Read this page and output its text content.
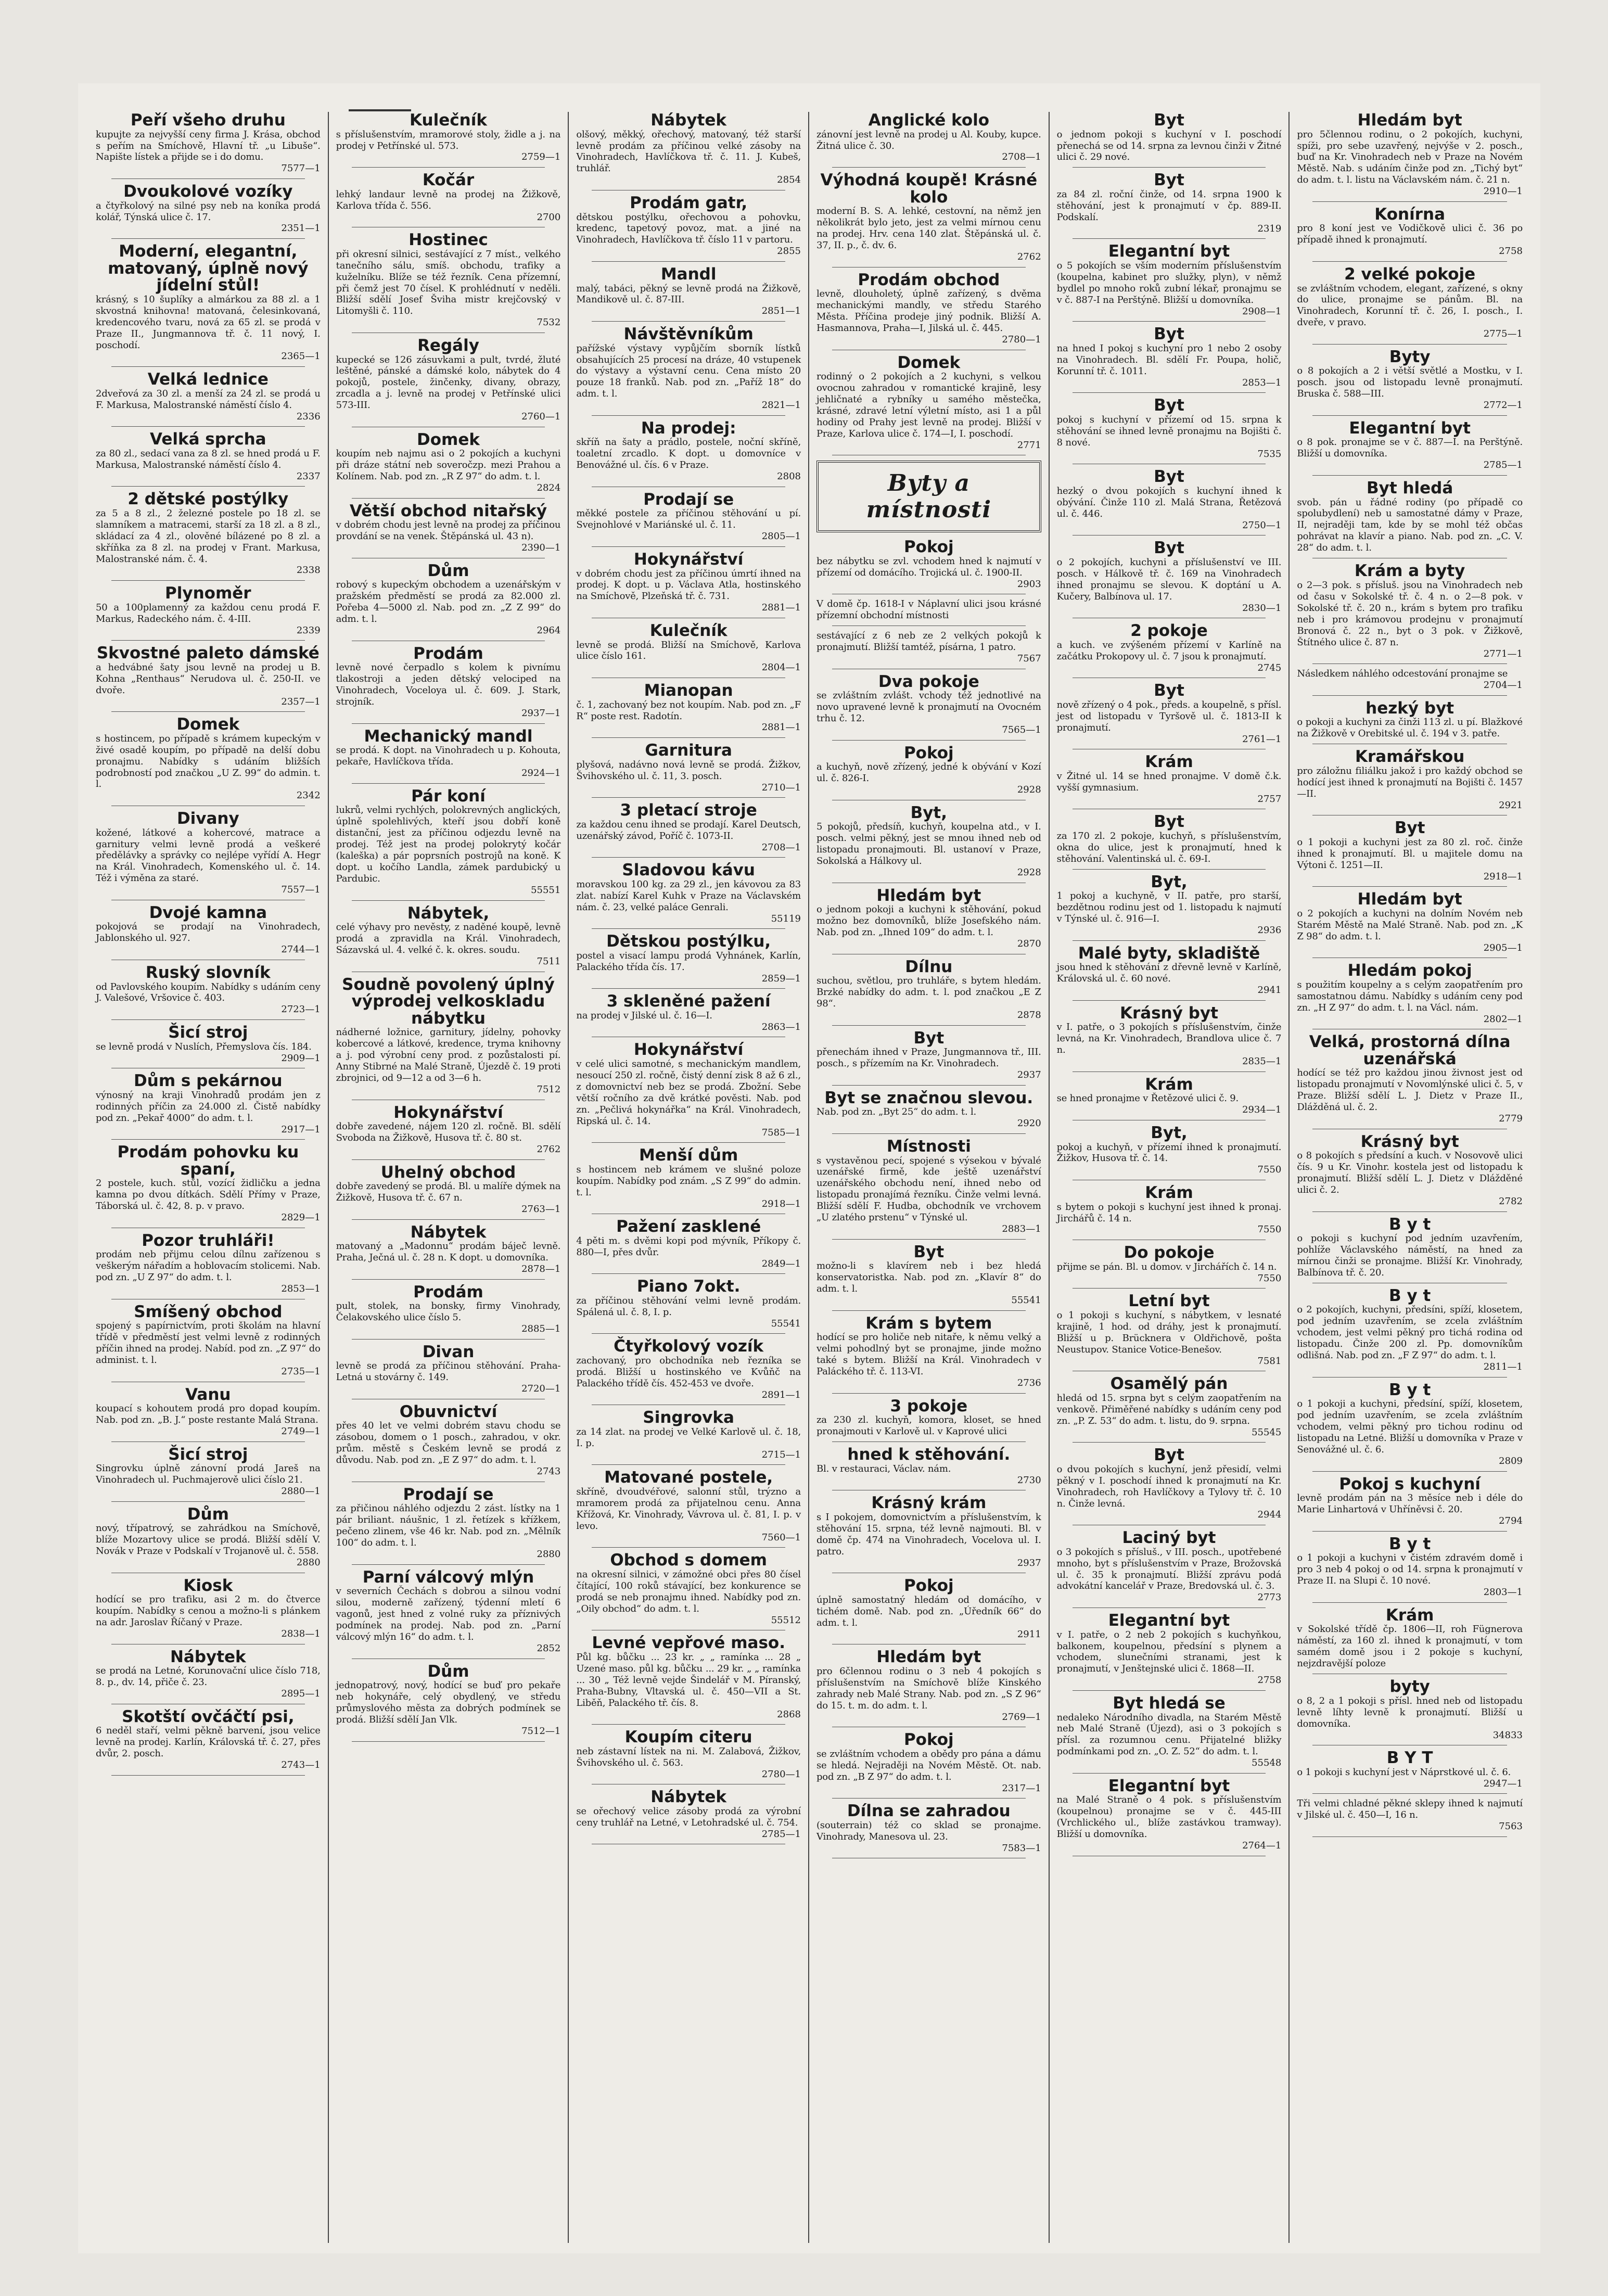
Peří všeho druhu

kupujte za nejvyšší ceny firma J. Krása, obchod s peřím na Smíchově, Hlavní tř. „u Libuše“. Napište lístek a přijde se i do domu.

7577—1

Dvoukolové vozíky

a čtyřkolový na silné psy neb na koníka prodá kolář, Týnská ulice č. 17.

2351—1

Moderní, elegantní, matovaný, úplně nový jídelní stůl!

krásný, s 10 šuplíky a almárkou za 88 zl. a 1 skvostná knihovna! matovaná, čelesinkovaná, kredencového tvaru, nová za 65 zl. se prodá v Praze II., Jungmannova tř. č. 11 nový, I. poschodí.

2365—1

Velká lednice

2dveřová za 30 zl. a menší za 24 zl. se prodá u F. Markusa, Malostranské náměstí číslo 4.

2336

Velká sprcha

za 80 zl., sedací vana za 8 zl. se hned prodá u F. Markusa, Malostranské náměstí číslo 4.

2337

2 dětské postýlky

za 5 a 8 zl., 2 železné postele po 18 zl. se slamníkem a matracemi, starší za 18 zl. a 8 zl., skládací za 4 zl., olověné bílázené po 8 zl. a skříňka za 8 zl. na prodej v Frant. Markusa, Malostranské nám. č. 4.

2338

Plynoměr

50 a 100plamenný za každou cenu prodá F. Markus, Radeckého nám. č. 4-III.

2339

Skvostné paleto dámské

a hedvábné šaty jsou levně na prodej u B. Kohna „Renthaus“ Nerudova ul. č. 250-II. ve dvoře.

2357—1

Domek

s hostincem, po případě s krámem kupeckým v živé osadě koupím, po případě na delší dobu pronajmu. Nabídky s udáním bližších podrobností pod značkou „U Z. 99“ do admin. t. l.

2342

Divany

kožené, látkové a kohercové, matrace a garnitury velmi levně prodá a veškeré předělávky a správky co nejlépe vyřídí A. Hegr na Král. Vinohradech, Komenského ul. č. 14. Též i výměna za staré.

7557—1

Dvojé kamna

pokojová se prodají na Vinohradech, Jablonského ul. 927.

2744—1

Ruský slovník

od Pavlovského koupím. Nabídky s udáním ceny J. Valešové, Vršovice č. 403.

2723—1

Šicí stroj

se levně prodá v Nuslích, Přemyslova čís. 184.

2909—1

Dům s pekárnou

výnosný na kraji Vinohradů prodám jen z rodinných příčin za 24.000 zl. Čistě nabídky pod zn. „Pekař 4000“ do adm. t. l.

2917—1

Prodám pohovku ku spaní,

2 postele, kuch. stůl, vozící židličku a jedna kamna po dvou dítkách. Sdělí Přímy v Praze, Táborská ul. č. 42, 8. p. v pravo.

2829—1

Pozor truhláři!

prodám neb přijmu celou dílnu zařízenou s veškerým nářadím a hoblovacím stolicemi. Nab. pod zn. „U Z 97“ do adm. t. l.

2853—1

Smíšený obchod

spojený s papírnictvím, proti školám na hlavní třídě v předměstí jest velmi levně z rodinných příčin ihned na prodej. Nabíd. pod zn. „Z 97“ do administ. t. l.

2735—1

Vanu

koupací s kohoutem prodá pro dopad koupím. Nab. pod zn. „B. J.“ poste restante Malá Strana.

2749—1

Šicí stroj

Singrovku úplně zánovní prodá Jareš na Vinohradech ul. Puchmajerově ulici číslo 21.

2880—1

Dům

nový, třípatrový, se zahrádkou na Smíchově, blíže Mozartovy ulice se prodá. Bližší sdělí V. Novák v Praze v Podskalí v Trojanově ul. č. 558.

2880

Kiosk

hodící se pro trafiku, asi 2 m. do čtverce koupím. Nabídky s cenou a možno-li s plánkem na adr. Jaroslav Říčaný v Praze.

2838—1

Nábytek

se prodá na Letné, Korunovační ulice číslo 718, 8. p., dv. 14, přiče č. 23.

2895—1

Skotští ovčáčtí psi,

6 neděl staří, velmi pěkně barvení, jsou velice levně na prodej. Karlín, Královská tř. č. 27, přes dvůr, 2. posch.

2743—1

Kulečník

s příslušenstvím, mramorové stoly, židle a j. na prodej v Petřínské ul. 573.

2759—1

Kočár

lehký landaur levně na prodej na Žižkově, Karlova třída č. 556.

2700

Hostinec

při okresní silnici, sestávající z 7 míst., velkého tanečního sálu, smíš. obchodu, trafiky a kuželníku. Blíže se též řezník. Cena přízemní, při čemž jest 70 čísel. K prohlédnutí v neděli. Bližší sdělí Josef Šviha mistr krejčovský v Litomyšli č. 110.

7532

Regály

kupecké se 126 zásuvkami a pult, tvrdé, žluté leštěné, pánské a dámské kolo, nábytek do 4 pokojů, postele, žinčenky, divany, obrazy, zrcadla a j. levně na prodej v Petřínské ulici 573-III.

2760—1

Domek

koupím neb najmu asi o 2 pokojích a kuchyni při dráze státní neb soveročzp. mezi Prahou a Kolínem. Nab. pod zn. „R Z 97“ do adm. t. l.

2824

Větší obchod nitařský

v dobrém chodu jest levně na prodej za příčinou provdání se na venek. Štěpánská ul. 43 n).

2390—1

Dům

robový s kupeckým obchodem a uzenářským v pražském předměstí se prodá za 82.000 zl. Pořeba 4—5000 zl. Nab. pod zn. „Z Z 99“ do adm. t. l.

2964

Prodám

levně nové čerpadlo s kolem k pivnímu tlakostroji a jeden dětský velociped na Vinohradech, Voceloya ul. č. 609. J. Stark, strojník.

2937—1

Mechanický mandl

se prodá. K dopt. na Vinohradech u p. Kohouta, pekaře, Havlíčkova třída.

2924—1

Pár koní

lukrů, velmi rychlých, polokrevných anglických, úplně spolehlivých, kteří jsou dobří koně distanční, jest za příčinou odjezdu levně na prodej. Též jest na prodej polokrytý kočár (kaleška) a pár poprsních postrojů na koně. K dopt. u kočího Landla, zámek pardubický u Pardubic.

55551

Nábytek,

celé výhavy pro nevěsty, z naděné koupě, levně prodá a zpravidla na Král. Vinohradech, Sázavská ul. 4. velké č. k. okres. soudu.

7511

Soudně povolený úplný výprodej velkoskladu nábytku

nádherné ložnice, garnitury, jídelny, pohovky kobercové a látkové, kredence, tryma knihovny a j. pod výrobní ceny prod. z pozůstalosti pí. Anny Stibrné na Malé Straně, Újezdě č. 19 proti zbrojnici, od 9—12 a od 3—6 h.

7512

Hokynářství

dobře zavedené, nájem 120 zl. ročně. Bl. sdělí Svoboda na Žižkově, Husova tř. č. 80 st.

2762

Uhelný obchod

dobře zavedený se prodá. Bl. u malíře dýmek na Žižkově, Husova tř. č. 67 n.

2763—1

Nábytek

matovaný a „Madonnu“ prodám báječ levně. Praha, Ječná ul. č. 28 n. K dopt. u domovníka.

2878—1

Prodám

pult, stolek, na bonsky, firmy Vinohrady, Čelakovského ulice číslo 5.

2885—1

Divan

levně se prodá za příčinou stěhování. Praha-Letná u stovárny č. 149.

2720—1

Obuvnictví

přes 40 let ve velmi dobrém stavu chodu se zásobou, domem o 1 posch., zahradou, v okr. prům. městě s Českém levně se prodá z důvodu. Nab. pod zn. „E Z 97“ do adm. t. l.

2743

Prodají se

za přičinou náhlého odjezdu 2 zást. lístky na 1 pár briliant. náušnic, 1 zl. řetízek s křížkem, pečeno zlinem, vše 46 kr. Nab. pod zn. „Mělník 100“ do adm. t. l.

2880

Parní válcový mlýn

v severních Čechách s dobrou a silnou vodní silou, moderně zařízený, týdenní mletí 6 vagonů, jest hned z volné ruky za příznivých podmínek na prodej. Nab. pod zn. „Parní válcový mlýn 16“ do adm. t. l.

2852

Dům

jednopatrový, nový, hodící se buď pro pekaře neb hokynáře, celý obydlený, ve středu průmyslového města za dobrých podmínek se prodá. Bližší sdělí Jan Vlk.

7512—1

Nábytek

olšový, měkký, ořechový, matovaný, též starší levně prodám za příčinou velké zásoby na Vinohradech, Havlíčkova tř. č. 11. J. Kubeš, truhlář.

2854

Prodám gatr,

dětskou postýlku, ořechovou a pohovku, kredenc, tapetový povoz, mat. a jiné na Vinohradech, Havlíčkova tř. číslo 11 v partoru.

2855

Mandl

malý, tabáci, pěkný se levně prodá na Žižkově, Mandikově ul. č. 87-III.

2851—1

Návštěvníkům

pařížské výstavy vypůjčím sborník lístků obsahujících 25 procesí na dráze, 40 vstupenek do výstavy a výstavní cenu. Cena místo 20 pouze 18 franků. Nab. pod zn. „Paříž 18“ do adm. t. l.

2821—1

Na prodej:

skříň na šaty a prádlo, postele, noční skříně, toaletní zrcadlo. K dopt. u domovníce v Benovážné ul. čís. 6 v Praze.

2808

Prodají se

měkké postele za příčinou stěhování u pí. Svejnohlové v Mariánské ul. č. 11.

2805—1

Hokynářství

v dobrém chodu jest za příčinou úmrtí ihned na prodej. K dopt. u p. Václava Atla, hostinského na Smíchově, Plzeňská tř. č. 731.

2881—1

Kulečník

levně se prodá. Bližší na Smíchově, Karlova ulice číslo 161.

2804—1

Mianopan

č. 1, zachovaný bez not koupím. Nab. pod zn. „F R“ poste rest. Radotín.

2881—1

Garnitura

plyšová, nadávno nová levně se prodá. Žižkov, Švihovského ul. č. 11, 3. posch.

2710—1

3 pletací stroje

za každou cenu ihned se prodají. Karel Deutsch, uzenářský závod, Poříč č. 1073-II.

2708—1

Sladovou kávu

moravskou 100 kg. za 29 zl., jen kávovou za 83 zlat. nabízí Karel Kuhk v Praze na Václavském nám. č. 23, velké paláce Genrali.

55119

Dětskou postýlku,

postel a visací lampu prodá Vyhnánek, Karlín, Palackého třída čís. 17.

2859—1

3 skleněné pažení

na prodej v Jilské ul. č. 16—I.

2863—1

Hokynářství

v celé ulici samotné, s mechanickým mandlem, nesoucí 250 zl. ročně, čistý denní zisk 8 až 6 zl., z domovnictví neb bez se prodá. Zbožní. Sebe větší ročního za dvě krátké pověsti. Nab. pod zn. „Pečlivá hokynářka“ na Král. Vinohradech, Ripská ul. č. 14.

7585—1

Menší dům

s hostincem neb krámem ve slušné poloze koupím. Nabídky pod znám. „S Z 99“ do admin. t. l.

2918—1

Pažení zasklené

4 pěti m. s dvěmi kopi pod mývník, Příkopy č. 880—I, přes dvůr.

2849—1

Piano 7okt.

za příčinou stěhování velmi levně prodám. Spálená ul. č. 8, I. p.

55541

Čtyřkolový vozík

zachovaný, pro obchodníka neb řezníka se prodá. Bližší u hostinského ve Kvůňč na Palackého třídě čís. 452-453 ve dvoře.

2891—1

Singrovka

za 14 zlat. na prodej ve Velké Karlově ul. č. 18, I. p.

2715—1

Matované postele,

skříně, dvoudvéřové, salonní stůl, trýzno a mramorem prodá za přijatelnou cenu. Anna Křížová, Kr. Vinohrady, Vávrova ul. č. 81, I. p. v levo.

7560—1

Obchod s domem

na okresní silnici, v zámožné obci přes 80 čísel čítající, 100 roků stávající, bez konkurence se prodá se neb pronajmu ihned. Nabídky pod zn. „Oily obchod“ do adm. t. l.

55512

Levné vepřové maso.

Půl kg. bůčku ... 23 kr. „ „ ramínka ... 28 „ Uzené maso. půl kg. bůčku ... 29 kr. „ „ ramínka ... 30 „ Též levně vejde Šindelář v M. Píranský, Praha-Bubny, Vltavská ul. č. 450—VII a St. Liběň, Palackého tř. čís. 8.

2868

Koupím citeru

neb zástavní lístek na ni. M. Zalabová, Žižkov, Švihovského ul. č. 563.

2780—1

Nábytek

se ořechový velice zásoby prodá za výrobní ceny truhlář na Letné, v Letohradské ul. č. 754.

2785—1

Anglické kolo

zánovní jest levně na prodej u Al. Kouby, kupce. Žitná ulice č. 30.

2708—1

Výhodná koupě! Krásné kolo

moderní B. S. A. lehké, cestovní, na němž jen několikrát bylo jeto, jest za velmi mírnou cenu na prodej. Hrv. cena 140 zlat. Štěpánská ul. č. 37, II. p., č. dv. 6.

2762

Prodám obchod

levně, dlouholetý, úplně zařízený, s dvěma mechanickými mandly, ve středu Starého Města. Příčina prodeje jiný podnik. Bližší A. Hasmannova, Praha—I, Jilská ul. č. 445.

2780—1

Domek

rodinný o 2 pokojích a 2 kuchyni, s velkou ovocnou zahradou v romantické krajině, lesy jehličnaté a rybníky u samého městečka, krásné, zdravé letní výletní místo, asi 1 a půl hodiny od Prahy jest levně na prodej. Bližší v Praze, Karlova ulice č. 174—I, I. poschodí.

2771

Byty a místnosti

Pokoj

bez nábytku se zvl. vchodem hned k najmutí v přízemí od domácího. Trojická ul. č. 1900-II.

2903

V domě čp. 1618-I v Náplavní ulici jsou krásné přízemní obchodní místnosti

sestávající z 6 neb ze 2 velkých pokojů k pronajmutí. Bližší tamtéž, písárna, 1 patro.

7567

Dva pokoje

se zvláštním zvlášt. vchody též jednotlivé na novo upravené levně k pronajmutí na Ovocném trhu č. 12.

7565—1

Pokoj

a kuchyň, nově zřízený, jedné k obývání v Kozí ul. č. 826-I.

2928

Byt,

5 pokojů, předsíň, kuchyň, koupelna atd., v I. posch. velmi pěkný, jest se mnou ihned neb od listopadu pronajmouti. Bl. ustanoví v Praze, Sokolská a Hálkovy ul.

2928

Hledám byt

o jednom pokoji a kuchyni k stěhování, pokud možno bez domovníků, blíže Josefského nám. Nab. pod zn. „Ihned 109“ do adm. t. l.

2870

Dílnu

suchou, světlou, pro truhláře, s bytem hledám. Brzké nabídky do adm. t. l. pod značkou „E Z 98“.

2878

Byt

přenechám ihned v Praze, Jungmannova tř., III. posch., s přízemím na Kr. Vinohradech.

2937

Byt se značnou slevou.

Nab. pod zn. „Byt 25“ do adm. t. l.

2920

Místnosti

s vystavěnou pecí, spojené s výsekou v bývalé uzenářské firmě, kde ještě uzenářství uzenářského obchodu není, ihned nebo od listopadu pronajímá řezníku. Činže velmi levná. Bližší sdělí F. Hudba, obchodník ve vrchovem „U zlatého prstenu“ v Týnské ul.

2883—1

Byt

možno-li s klavírem neb i bez hledá konservatoristka. Nab. pod zn. „Klavír 8“ do adm. t. l.

55541

Krám s bytem

hodící se pro holiče neb nitaře, k němu velký a velmi pohodlný byt se pronajme, jinde možno také s bytem. Bližší na Král. Vinohradech v Paláckého tř. č. 113-VI.

2736

3 pokoje

za 230 zl. kuchyň, komora, kloset, se hned pronajmouti v Karlově ul. v Kaprové ulici

hned k stěhování.

Bl. v restauraci, Václav. nám.

2730

Krásný krám

s I pokojem, domovnictvím a příslušenstvím, k stěhování 15. srpna, též levně najmouti. Bl. v domě čp. 474 na Vinohradech, Vocelova ul. I. patro.

2937

Pokoj

úplně samostatný hledám od domácího, v tichém domě. Nab. pod zn. „Úředník 66“ do adm. t. l.

2911

Hledám byt

pro 6člennou rodinu o 3 neb 4 pokojích s příslušenstvím na Smíchově blíže Kinského zahrady neb Malé Strany. Nab. pod zn. „S Z 96“ do 15. t. m. do adm. t. l.

2769—1

Pokoj

se zvláštním vchodem a obědy pro pána a dámu se hledá. Nejraději na Novém Městě. Ot. nab. pod zn. „B Z 97“ do adm. t. l.

2317—1

Dílna se zahradou

(souterrain) též co sklad se pronajme. Vinohrady, Manesova ul. 23.

7583—1

Byt

o jednom pokoji s kuchyní v I. poschodí přenechá se od 14. srpna za levnou činži v Žitné ulici č. 29 nové.

Byt

za 84 zl. roční činže, od 14. srpna 1900 k stěhování, jest k pronajmutí v čp. 889-II. Podskalí.

2319

Elegantní byt

o 5 pokojích se vším moderním příslušenstvím (koupelna, kabinet pro služky, plyn), v němž bydlel po mnoho roků zubní lékař, pronajmu se v č. 887-I na Perštýně. Bližší u domovníka.

2908—1

Byt

na hned I pokoj s kuchyní pro 1 nebo 2 osoby na Vinohradech. Bl. sdělí Fr. Poupa, holič, Korunní tř. č. 1011.

2853—1

Byt

pokoj s kuchyní v přízemí od 15. srpna k stěhování se ihned levně pronajmu na Bojišti č. 8 nové.

7535

Byt

hezký o dvou pokojích s kuchyní ihned k obývání. Činže 110 zl. Malá Strana, Řetězová ul. č. 446.

2750—1

Byt

o 2 pokojích, kuchyni a příslušenství ve III. posch. v Hálkově tř. č. 169 na Vinohradech ihned pronajmu se slevou. K doptání u A. Kučery, Balbínova ul. 17.

2830—1

2 pokoje

a kuch. ve zvýšeném přízemí v Karlíně na začátku Prokopovy ul. č. 7 jsou k pronajmutí.

2745

Byt

nově zřízený o 4 pok., předs. a koupelně, s přísl. jest od listopadu v Tyršově ul. č. 1813-II k pronajmutí.

2761—1

Krám

v Žitné ul. 14 se hned pronajme. V domě č.k. vyšší gymnasium.

2757

Byt

za 170 zl. 2 pokoje, kuchyň, s příslušenstvím, okna do ulice, jest k pronajmutí, hned k stěhování. Valentinská ul. č. 69-I.

Byt,

1 pokoj a kuchyně, v II. patře, pro starší, bezdětnou rodinu jest od 1. listopadu k najmutí v Týnské ul. č. 916—I.

2936

Malé byty, skladiště

jsou hned k stěhování z dřevně levně v Karlíně, Královská ul. č. 60 nové.

2941

Krásný byt

v I. patře, o 3 pokojích s příslušenstvím, činže levná, na Kr. Vinohradech, Brandlova ulice č. 7 n.

2835—1

Krám

se hned pronajme v Řetězové ulici č. 9.

2934—1

Byt,

pokoj a kuchyň, v přízemí ihned k pronajmutí. Žižkov, Husova tř. č. 14.

7550

Krám

s bytem o pokoji s kuchyní jest ihned k pronaj. Jirchářů č. 14 n.

7550

Do pokoje

přijme se pán. Bl. u domov. v Jirchářích č. 14 n.

7550

Letní byt

o 1 pokoji s kuchyní, s nábytkem, v lesnaté krajině, 1 hod. od dráhy, jest k pronajmutí. Bližší u p. Brücknera v Oldřichově, pošta Neustupov. Stanice Votice-Benešov.

7581

Osamělý pán

hledá od 15. srpna byt s celým zaopatřením na venkově. Přiměřené nabídky s udáním ceny pod zn. „P. Z. 53“ do adm. t. listu, do 9. srpna.

55545

Byt

o dvou pokojích s kuchyní, jenž přesidí, velmi pěkný v I. poschodí ihned k pronajmutí na Kr. Vinohradech, roh Havlíčkovy a Tylovy tř. č. 10 n. Činže levná.

2944

Laciný byt

o 3 pokojích s přísluš., v III. posch., upotřebené mnoho, byt s příslušenstvím v Praze, Brožovská ul. č. 35 k pronajmutí. Bližší zprávu podá advokátní kancelář v Praze, Bredovská ul. č. 3.

2773

Elegantní byt

v I. patře, o 2 neb 2 pokojích s kuchyňkou, balkonem, koupelnou, předsíní s plynem a vchodem, slunečními stranami, jest k pronajmutí, v Jenštejnské ulici č. 1868—II.

2758

Byt hledá se

nedaleko Národního divadla, na Starém Městě neb Malé Straně (Újezd), asi o 3 pokojích s přísl. za rozumnou cenu. Přijatelné bližky podmínkami pod zn. „O. Z. 52“ do adm. t. l.

55548

Elegantní byt

na Malé Straně o 4 pok. s příslušenstvím (koupelnou) pronajme se v č. 445-III (Vrchlického ul., blíže zastávkou tramway). Bližší u domovníka.

2764—1

Hledám byt

pro 5člennou rodinu, o 2 pokojích, kuchyni, spíži, pro sebe uzavřený, nejvýše v 2. posch., buď na Kr. Vinohradech neb v Praze na Novém Městě. Nab. s udáním činže pod zn. „Tichý byt“ do adm. t. l. listu na Václavském nám. č. 21 n.

2910—1

Konírna

pro 8 koní jest ve Vodičkově ulici č. 36 po případě ihned k pronajmutí.

2758

2 velké pokoje

se zvláštním vchodem, elegant, zařízené, s okny do ulice, pronajme se pánům. Bl. na Vinohradech, Korunní tř. č. 26, I. posch., I. dveře, v pravo.

2775—1

Byty

o 8 pokojích a 2 i větší světlé a Mostku, v I. posch. jsou od listopadu levně pronajmutí. Bruska č. 588—III.

2772—1

Elegantní byt

o 8 pok. pronajme se v č. 887—I. na Perštýně. Bližší u domovníka.

2785—1

Byt hledá

svob. pán u řádné rodiny (po případě co spolubydlení) neb u samostatné dámy v Praze, II, nejraději tam, kde by se mohl též občas pohrávat na klavír a piano. Nab. pod zn. „C. V. 28“ do adm. t. l.

Krám a byty

o 2—3 pok. s přísluš. jsou na Vinohradech neb od času v Sokolské tř. č. 4 n. o 2—8 pok. v Sokolské tř. č. 20 n., krám s bytem pro trafiku neb i pro krámovou prodejnu v pronajmutí Bronová č. 22 n., byt o 3 pok. v Žižkově, Štítného ulice č. 87 n.

2771—1

Následkem náhlého odcestování pronajme se

2704—1

hezký byt

o pokoji a kuchyni za činži 113 zl. u pí. Blažkové na Žižkově v Orebitské ul. č. 194 v 3. patře.

Kramářskou

pro záložnu filiálku jakož i pro každý obchod se hodící jest ihned k pronajmutí na Bojišti č. 1457—II.

2921

Byt

o 1 pokoji a kuchyni jest za 80 zl. roč. činže ihned k pronajmutí. Bl. u majitele domu na Výtoni č. 1251—II.

2918—1

Hledám byt

o 2 pokojích a kuchyni na dolním Novém neb Starém Městě na Malé Straně. Nab. pod zn. „K Z 98“ do adm. t. l.

2905—1

Hledám pokoj

s použitím koupelny a s celým zaopatřením pro samostatnou dámu. Nabídky s udáním ceny pod zn. „H Z 97“ do adm. t. l. na Václ. nám.

2802—1

Velká, prostorná dílna uzenářská

hodící se též pro každou jinou živnost jest od listopadu pronajmutí v Novomlýnské ulici č. 5, v Praze. Bližší sdělí L. J. Dietz v Praze II., Dlážděná ul. č. 2.

2779

Krásný byt

o 8 pokojích s předsíní a kuch. v Nosovově ulici čís. 9 u Kr. Vinohr. kostela jest od listopadu k pronajmutí. Bližší sdělí L. J. Dietz v Dlážděné ulici č. 2.

2782

B y t

o pokoji s kuchyní pod jedním uzavřením, pohlíže Václavského náměstí, na hned za mírnou činži se pronajme. Bližší Kr. Vinohrady, Balbínova tř. č. 20.

B y t

o 2 pokojích, kuchyni, předsíni, spíží, klosetem, pod jedním uzavřením, se zcela zvláštním vchodem, jest velmi pěkný pro tichá rodina od listopadu. Činže 200 zl. Pp. domovníkům odlišná. Nab. pod zn. „F Z 97“ do adm. t. l.

2811—1

B y t

o 1 pokoji a kuchyni, předsíní, spíží, klosetem, pod jedním uzavřením, se zcela zvláštním vchodem, velmi pěkný pro tichou rodinu od listopadu na Letné. Bližší u domovníka v Praze v Senovážné ul. č. 6.

2809

Pokoj s kuchyní

levně prodám pán na 3 měsíce neb i déle do Marie Linhartová v Uhříněvsi č. 20.

2794

B y t

o 1 pokoji a kuchyni v čistém zdravém domě i pro 3 neb 4 pokoj o od 14. srpna k pronajmutí v Praze II. na Slupi č. 10 nové.

2803—1

Krám

v Sokolské třídě čp. 1806—II, roh Fügnerova náměstí, za 160 zl. ihned k pronajmutí, v tom samém domě jsou i 2 pokoje s kuchyní, nejzdravější poloze

byty

o 8, 2 a 1 pokoji s přísl. hned neb od listopadu levně líhty levně k pronajmutí. Bližší u domovníka.

34833

B Y T

o 1 pokoji s kuchyní jest v Náprstkové ul. č. 6.

2947—1

Tři velmi chladné pěkné sklepy ihned k najmutí v Jilské ul. č. 450—I, 16 n.

7563
